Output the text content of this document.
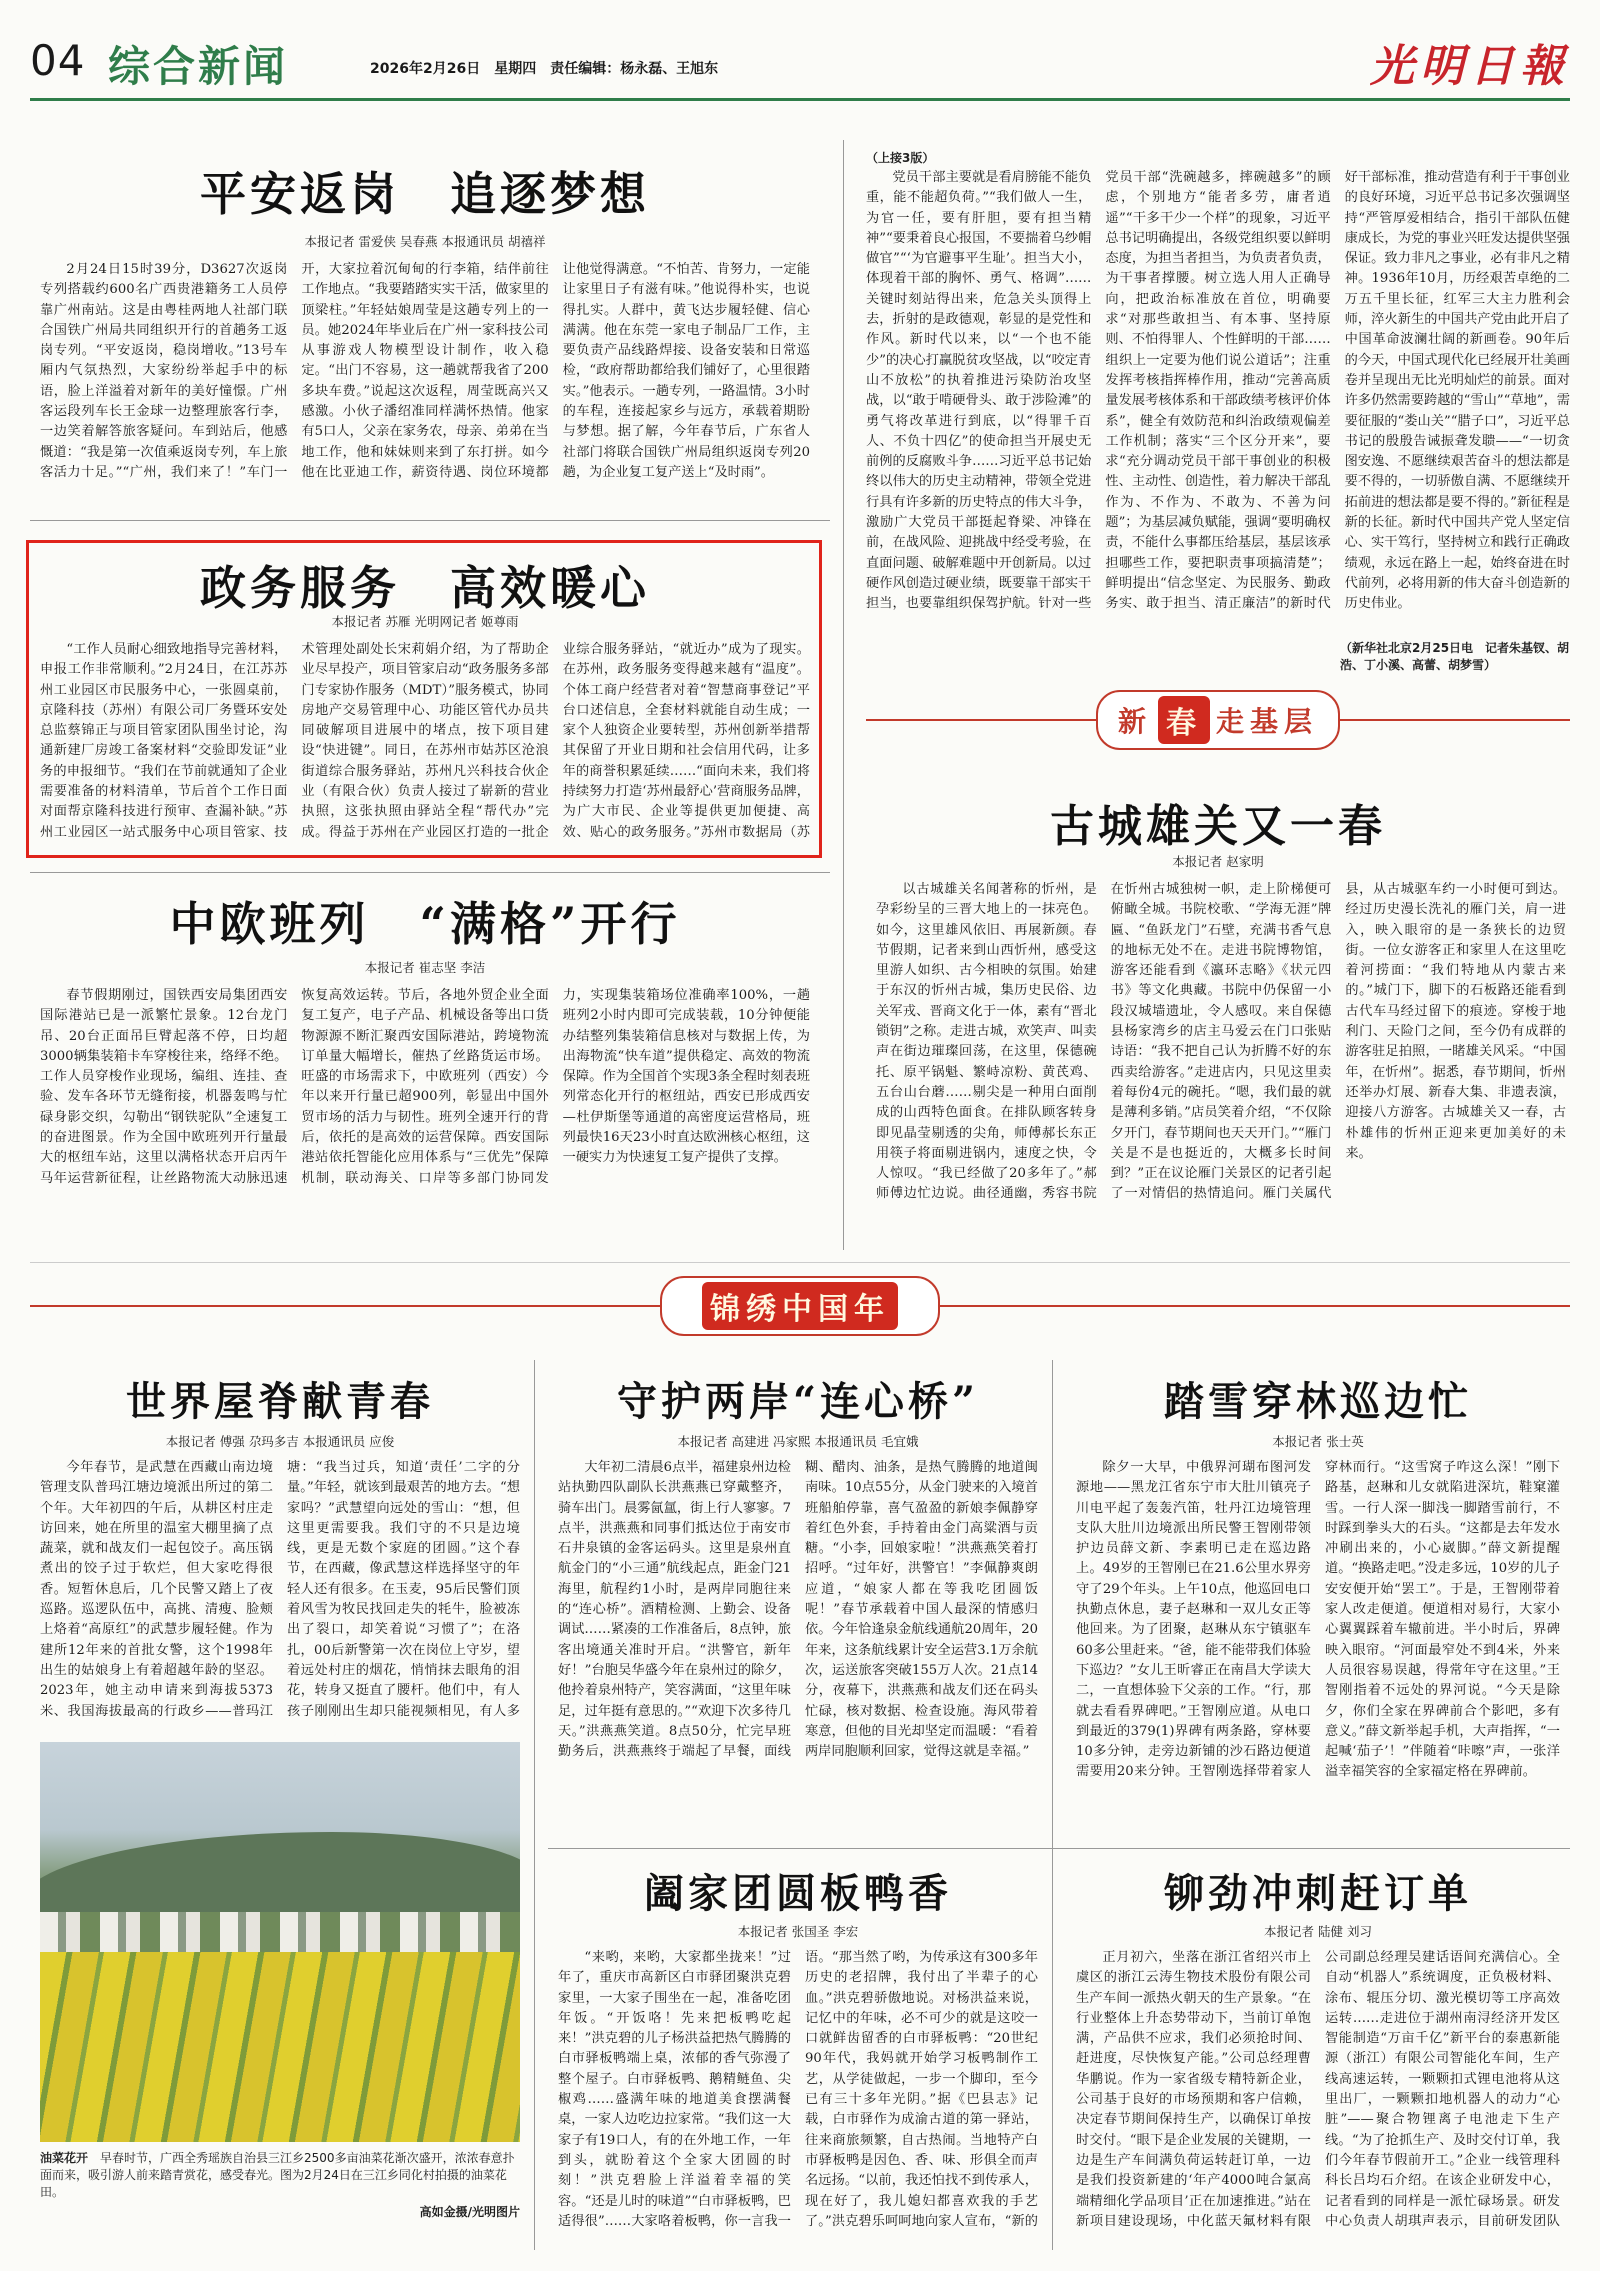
04 综合新闻	2026年2月26日　星期四　责任编辑：杨永磊、王旭东	光明日報
平安返岗　追逐梦想
本报记者 雷爱侠 吴春燕 本报通讯员 胡禧祥
2月24日15时39分，D3627次返岗专列搭载约600名广西贵港籍务工人员停靠广州南站。这是由粤桂两地人社部门联合国铁广州局共同组织开行的首趟务工返岗专列。“平安返岗，稳岗增收。”13号车厢内气氛热烈，大家纷纷举起手中的标语，脸上洋溢着对新年的美好憧憬。广州客运段列车长王金球一边整理旅客行李，一边笑着解答旅客疑问。车到站后，他感慨道：“我是第一次值乘返岗专列，车上旅客活力十足。”“广州，我们来了！”车门一开，大家拉着沉甸甸的行李箱，结伴前往工作地点。“我要踏踏实实干活，做家里的顶梁柱。”年轻姑娘周莹是这趟专列上的一员。她2024年毕业后在广州一家科技公司从事游戏人物模型设计制作，收入稳定。“出门不容易，这一趟就帮我省了200多块车费。”说起这次返程，周莹既高兴又感激。小伙子潘绍准同样满怀热情。他家有5口人，父亲在家务农，母亲、弟弟在当地工作，他和妹妹则来到了东打拼。如今他在比亚迪工作，薪资待遇、岗位环境都让他觉得满意。“不怕苦、肯努力，一定能让家里日子有滋有味。”他说得朴实，也说得扎实。人群中，黄飞达步履轻健、信心满满。他在东莞一家电子制品厂工作，主要负责产品线路焊接、设备安装和日常巡检，“政府帮助都给我们铺好了，心里很踏实。”他表示。一趟专列，一路温情。3小时的车程，连接起家乡与远方，承载着期盼与梦想。据了解，今年春节后，广东省人社部门将联合国铁广州局组织返岗专列20趟，为企业复工复产送上“及时雨”。
政务服务　高效暖心
本报记者 苏雁 光明网记者 姬尊雨
“工作人员耐心细致地指导完善材料，申报工作非常顺利。”2月24日，在江苏苏州工业园区市民服务中心，一张圆桌前，京隆科技（苏州）有限公司厂务暨环安处总监蔡锦正与项目管家团队围坐讨论，沟通新建厂房竣工备案材料“交验即发证”业务的申报细节。“我们在节前就通知了企业需要准备的材料清单，节后首个工作日面对面帮京隆科技进行预审、查漏补缺。”苏州工业园区一站式服务中心项目管家、技术管理处副处长宋莉娟介绍，为了帮助企业尽早投产，项目管家启动“政务服务多部门专家协作服务（MDT）”服务模式，协同房地产交易管理中心、功能区管代办员共同破解项目进展中的堵点，按下项目建设“快进键”。同日，在苏州市姑苏区沧浪街道综合服务驿站，苏州凡兴科技合伙企业（有限合伙）负责人接过了崭新的营业执照，这张执照由驿站全程“帮代办”完成。得益于苏州在产业园区打造的一批企业综合服务驿站，“就近办”成为了现实。在苏州，政务服务变得越来越有“温度”。个体工商户经营者对着“智慧商事登记”平台口述信息，全套材料就能自动生成；一家个人独资企业要转型，苏州创新举措帮其保留了开业日期和社会信用代码，让多年的商誉积累延续……“面向未来，我们将持续努力打造‘苏州最舒心’营商服务品牌，为广大市民、企业等提供更加便捷、高效、贴心的政务服务。”苏州市数据局（苏
中欧班列　“满格”开行
本报记者 崔志坚 李洁
春节假期刚过，国铁西安局集团西安国际港站已是一派繁忙景象。12台龙门吊、20台正面吊巨臂起落不停，日均超3000辆集装箱卡车穿梭往来，络绎不绝。工作人员穿梭作业现场，编组、连挂、查验、发车各环节无缝衔接，机器轰鸣与忙碌身影交织，勾勒出“钢铁驼队”全速复工的奋进图景。作为全国中欧班列开行量最大的枢纽车站，这里以满格状态开启丙午马年运营新征程，让丝路物流大动脉迅速恢复高效运转。节后，各地外贸企业全面复工复产，电子产品、机械设备等出口货物源源不断汇聚西安国际港站，跨境物流订单量大幅增长，催热了丝路货运市场。旺盛的市场需求下，中欧班列（西安）今年以来开行量已超900列，彰显出中国外贸市场的活力与韧性。班列全速开行的背后，依托的是高效的运营保障。西安国际港站依托智能化应用体系与“三优先”保障机制，联动海关、口岸等多部门协同发力，实现集装箱场位准确率100%，一趟班列2小时内即可完成装载，10分钟便能办结整列集装箱信息核对与数据上传，为出海物流“快车道”提供稳定、高效的物流保障。作为全国首个实现3条全程时刻表班列常态化开行的枢纽站，西安已形成西安—杜伊斯堡等通道的高密度运营格局，班列最快16天23小时直达欧洲核心枢纽，这一硬实力为快速复工复产提供了支撑。
（上接3版）
党员干部主要就是看肩膀能不能负重，能不能超负荷。”“我们做人一生，为官一任，要有肝胆，要有担当精神”“要秉着良心报国，不要揣着乌纱帽做官”“‘为官避事平生耻’。担当大小，体现着干部的胸怀、勇气、格调”……关键时刻站得出来，危急关头顶得上去，折射的是政德观，彰显的是党性和作风。新时代以来，以“一个也不能少”的决心打赢脱贫攻坚战，以“咬定青山不放松”的执着推进污染防治攻坚战，以“敢于啃硬骨头、敢于涉险滩”的勇气将改革进行到底，以“得罪千百人、不负十四亿”的使命担当开展史无前例的反腐败斗争……习近平总书记始终以伟大的历史主动精神，带领全党进行具有许多新的历史特点的伟大斗争，激励广大党员干部挺起脊梁、冲锋在前，在战风险、迎挑战中经受考验，在直面问题、破解难题中开创新局。以过硬作风创造过硬业绩，既要靠干部实干担当，也要靠组织保驾护航。针对一些党员干部“洗碗越多，摔碗越多”的顾虑，个别地方“能者多劳，庸者逍遥”“干多干少一个样”的现象，习近平总书记明确提出，各级党组织要以鲜明态度，为担当者担当，为负责者负责，为干事者撑腰。树立选人用人正确导向，把政治标准放在首位，明确要求“对那些敢担当、有本事、坚持原则、不怕得罪人、个性鲜明的干部……组织上一定要为他们说公道话”；注重发挥考核指挥棒作用，推动“完善高质量发展考核体系和干部政绩考核评价体系”，健全有效防范和纠治政绩观偏差工作机制；落实“三个区分开来”，要求“充分调动党员干部干事创业的积极性、主动性、创造性，着力解决干部乱作为、不作为、不敢为、不善为问题”；为基层减负赋能，强调“要明确权责，不能什么事都压给基层，基层该承担哪些工作，要把职责事项搞清楚”；鲜明提出“信念坚定、为民服务、勤政务实、敢于担当、清正廉洁”的新时代好干部标准，推动营造有利于干事创业的良好环境，习近平总书记多次强调坚持“严管厚爱相结合，指引干部队伍健康成长，为党的事业兴旺发达提供坚强保证。致力非凡之事业，必有非凡之精神。1936年10月，历经艰苦卓绝的二万五千里长征，红军三大主力胜利会师，淬火新生的中国共产党由此开启了中国革命波澜壮阔的新画卷。90年后的今天，中国式现代化已经展开壮美画卷并呈现出无比光明灿烂的前景。面对许多仍然需要跨越的“雪山”“草地”，需要征服的“娄山关”“腊子口”，习近平总书记的殷殷告诫振聋发聩——“一切贪图安逸、不愿继续艰苦奋斗的想法都是要不得的，一切骄傲自满、不愿继续开拓前进的想法都是要不得的。”新征程是新的长征。新时代中国共产党人坚定信心、实干笃行，坚持树立和践行正确政绩观，永远在路上一起，始终奋进在时代前列，必将用新的伟大奋斗创造新的历史伟业。
（新华社北京2月25日电　记者朱基钗、胡浩、丁小溪、高蕾、胡梦雪）
新 春 走基层
古城雄关又一春
本报记者 赵家明
以古城雄关名闻著称的忻州，是孕彩纷呈的三晋大地上的一抹亮色。如今，这里雄风依旧、再展新颜。春节假期，记者来到山西忻州，感受这里游人如织、古今相映的氛围。始建于东汉的忻州古城，集历史民俗、边关军戎、晋商文化于一体，素有“晋北锁钥”之称。走进古城，欢笑声、叫卖声在街边璀璨回荡，在这里，保德碗托、原平锅魁、繁峙凉粉、黄芪鸡、五台山台蘑……剔尖是一种用白面削成的山西特色面食。在排队顾客转身即见晶莹剔透的尖角，师傅郝长东正用筷子将面剔进锅内，速度之快，令人惊叹。“我已经做了20多年了。”郝师傅边忙边说。曲径通幽，秀容书院在忻州古城独树一帜，走上阶梯便可俯瞰全城。书院校歌、“学海无涯”牌匾、“鱼跃龙门”石壁，充满书香气息的地标无处不在。走进书院博物馆，游客还能看到《瀛环志略》《状元四书》等文化典藏。书院中仍保留一小段汉城墙遗址，令人感叹。来自保德县杨家湾乡的店主马爱云在门口张贴诗语：“我不把自己认为折腾不好的东西卖给游客。”走进店内，只见这里卖着每份4元的碗托。“嗯，我们最的就是薄利多销。”店员笑着介绍，“不仅除夕开门，春节期间也天天开门。”“雁门关是不是也挺近的，大概多长时间到？”正在议论雁门关景区的记者引起了一对情侣的热情追问。雁门关属代县，从古城驱车约一小时便可到达。经过历史漫长洗礼的雁门关，肩一进入，映入眼帘的是一条狭长的边贸街。一位女游客正和家里人在这里吃着河捞面：“我们特地从内蒙古来的。”城门下，脚下的石板路还能看到古代车马经过留下的痕迹。穿梭于地利门、天险门之间，至今仍有成群的游客驻足拍照，一睹雄关风采。“中国年，在忻州”。据悉，春节期间，忻州还举办灯展、新春大集、非遗表演，迎接八方游客。古城雄关又一春，古朴雄伟的忻州正迎来更加美好的未来。
锦绣中国年
世界屋脊献青春
本报记者 傅强 尕玛多吉 本报通讯员 应俊
今年春节，是武慧在西藏山南边境管理支队普玛江塘边境派出所过的第二个年。大年初四的午后，从耕区村庄走访回来，她在所里的温室大棚里摘了点蔬菜，就和战友们一起包饺子。高压锅煮出的饺子过于软烂，但大家吃得很香。短暂休息后，几个民警又踏上了夜巡路。巡逻队伍中，高挑、清瘦、脸颊上烙着“高原红”的武慧步履轻健。作为建所12年来的首批女警，这个1998年出生的姑娘身上有着超越年龄的坚忍。2023年，她主动申请来到海拔5373米、我国海拔最高的行政乡——普玛江塘：“我当过兵，知道‘责任’二字的分量。”年轻，就该到最艰苦的地方去。“想家吗？”武慧望向远处的雪山：“想，但这里更需要我。我们守的不只是边境线，更是无数个家庭的团圆。”这个春节，在西藏，像武慧这样选择坚守的年轻人还有很多。在玉麦，95后民警们顶着风雪为牧民找回走失的牦牛，脸被冻出了裂口，却笑着说“习惯了”；在洛扎，00后新警第一次在岗位上守岁，望着远处村庄的烟花，悄悄抹去眼角的泪花，转身又挺直了腰杆。他们中，有人孩子刚刚出生却只能视频相见，有人多

油菜花开　 早春时节，广西全秀瑶族自治县三江乡2500多亩油菜花渐次盛开，浓浓春意扑面而来，吸引游人前来踏青赏花，感受春光。图为2月24日在三江乡同化村拍摄的油菜花田。

高如金摄/光明图片

守护两岸“连心桥”
本报记者 高建进 冯家熙 本报通讯员 毛宜娥
大年初二清晨6点半，福建泉州边检站执勤四队副队长洪燕燕已穿戴整齐，骑车出门。晨雾氤氲，街上行人寥寥。7点半，洪燕燕和同事们抵达位于南安市石井泉镇的金客运码头。这里是泉州直航金门的“小三通”航线起点，距金门21海里，航程约1小时，是两岸同胞往来的“连心桥”。酒精检测、上勤会、设备调试……紧凑的工作准备后，8点钟，旅客出境通关准时开启。“洪警官，新年好！”台胞吴华盛今年在泉州过的除夕，他拎着泉州特产，笑容满面，“这里年味足，过年挺有意思的。”“欢迎下次多待几天。”洪燕燕笑道。8点50分，忙完早班勤务后，洪燕燕终于端起了早餐，面线糊、醋肉、油条，是热气腾腾的地道闽南味。10点55分，从金门驶来的入境首班船舶停靠，喜气盈盈的新娘李佩静穿着红色外套，手持着由金门高粱酒与贡糖。“小李，回娘家啦！”洪燕燕笑着打招呼。“过年好，洪警官！”李佩静爽朗应道，“娘家人都在等我吃团圆饭呢！”春节承载着中国人最深的情感归依。今年恰逢泉金航线通航20周年，20年来，这条航线累计安全运营3.1万余航次，运送旅客突破155万人次。21点14分，夜幕下，洪燕燕和战友们还在码头忙碌，核对数据、检查设施。海风带着寒意，但他的目光却坚定而温暖：“看着两岸同胞顺利回家，觉得这就是幸福。”
阖家团圆板鸭香
本报记者 张国圣 李宏
“来哟，来哟，大家都坐拢来！”过年了，重庆市高新区白市驿团聚洪克碧家里，一大家子围坐在一起，准备吃团年饭。“开饭咯！先来把板鸭吃起来！”洪克碧的儿子杨洪益把热气腾腾的白市驿板鸭端上桌，浓郁的香气弥漫了整个屋子。白市驿板鸭、鹅精鲢鱼、尖椒鸡……盛满年味的地道美食摆满餐桌，一家人边吃边拉家常。“我们这一大家子有19口人，有的在外地工作，一年到头，就盼着这个全家大团圆的时刻！”洪克碧脸上洋溢着幸福的笑容。“还是儿时的味道”“白市驿板鸭，巴适得很”……大家咯着板鸭，你一言我一语。“那当然了哟，为传承这有300多年历史的老招牌，我付出了半辈子的心血。”洪克碧骄傲地说。对杨洪益来说，记忆中的年味，必不可少的就是这咬一口就鲜齿留香的白市驿板鸭：“20世纪90年代，我妈就开始学习板鸭制作工艺，从学徒做起，一步一个脚印，至今已有三十多年光阴。”据《巴县志》记载，白市驿作为成渝古道的第一驿站，往来商旅频繁，自古热闹。当地特产白市驿板鸭是因色、香、味、形俱全而声名远扬。“以前，我还怕找不到传承人，现在好了，我儿媳妇都喜欢我的手艺了。”洪克碧乐呵呵地向家人宣布，“新的
踏雪穿林巡边忙
本报记者 张士英
除夕一大早，中俄界河瑚布图河发源地——黑龙江省东宁市大肚川镇亮子川电平起了轰轰汽笛，牡丹江边境管理支队大肚川边境派出所民警王智刚带领护边员薛文新、李素明已走在巡边路上。49岁的王智刚已在21.6公里水界旁守了29个年头。上午10点，他巡回电口执勤点休息，妻子赵琳和一双儿女正等他回来。为了团聚，赵琳从东宁镇驱车60多公里赶来。“爸，能不能带我们体验下巡边？”女儿王昕睿正在南昌大学读大二，一直想体验下父亲的工作。“行，那就去看看界碑吧。”王智刚应道。从电口到最近的379(1)界碑有两条路，穿林要10多分钟，走旁边新铺的沙石路边便道需要用20来分钟。王智刚选择带着家人穿林而行。“这雪窝子咋这么深！”刚下路基，赵琳和儿女就陷进深坑，鞋窠灌雪。一行人深一脚浅一脚踏雪前行，不时踩到拳头大的石头。“这都是去年发水冲刷出来的，小心崴脚。”薛文新提醒道。“换路走吧。”没走多远，10岁的儿子安安便开始“罢工”。于是，王智刚带着家人改走便道。便道相对易行，大家小心翼翼踩着车辙前进。半小时后，界碑映入眼帘。“河面最窄处不到4米，外来人员很容易误越，得常年守在这里。”王智刚指着不远处的界河说。“今天是除夕，你们全家在界碑前合个影吧，多有意义。”薛文新举起手机，大声指挥，“一起喊‘茄子’！”伴随着“咔嚓”声，一张洋溢幸福笑容的全家福定格在界碑前。
铆劲冲刺赶订单
本报记者 陆健 刘习
正月初六，坐落在浙江省绍兴市上虞区的浙江云涛生物技术股份有限公司生产车间一派热火朝天的生产景象。“在行业整体上升态势带动下，当前订单饱满，产品供不应求，我们必须抢时间、赶进度，尽快恢复产能。”公司总经理曹华鹏说。作为一家省级专精特新企业，公司基于良好的市场预期和客户信赖，决定春节期间保持生产，以确保订单按时交付。“眼下是企业发展的关键期，一边是生产车间满负荷运转赶订单，一边是我们投资新建的‘年产4000吨合氯高端精细化学品项目’正在加速推进。”站在新项目建设现场，中化蓝天氟材料有限公司副总经理吴建话语间充满信心。全自动“机器人”系统调度，正负极材料、涂布、辊压分切、激光模切等工序高效运转……走进位于湖州南浔经济开发区智能制造“万亩千亿”新平台的泰惠新能源（浙江）有限公司智能化车间，生产线高速运转，一颗颗扣式锂电池将从这里出厂，一颗颗扣地机器人的动力“心脏”——聚合物锂离子电池走下生产线。“为了抢抓生产、及时交付订单，我们今年春节假前开工。”企业一线管理科科长吕均石介绍。在该企业研发中心，记者看到的同样是一派忙碌场景。研发中心负责人胡琪声表示，目前研发团队
